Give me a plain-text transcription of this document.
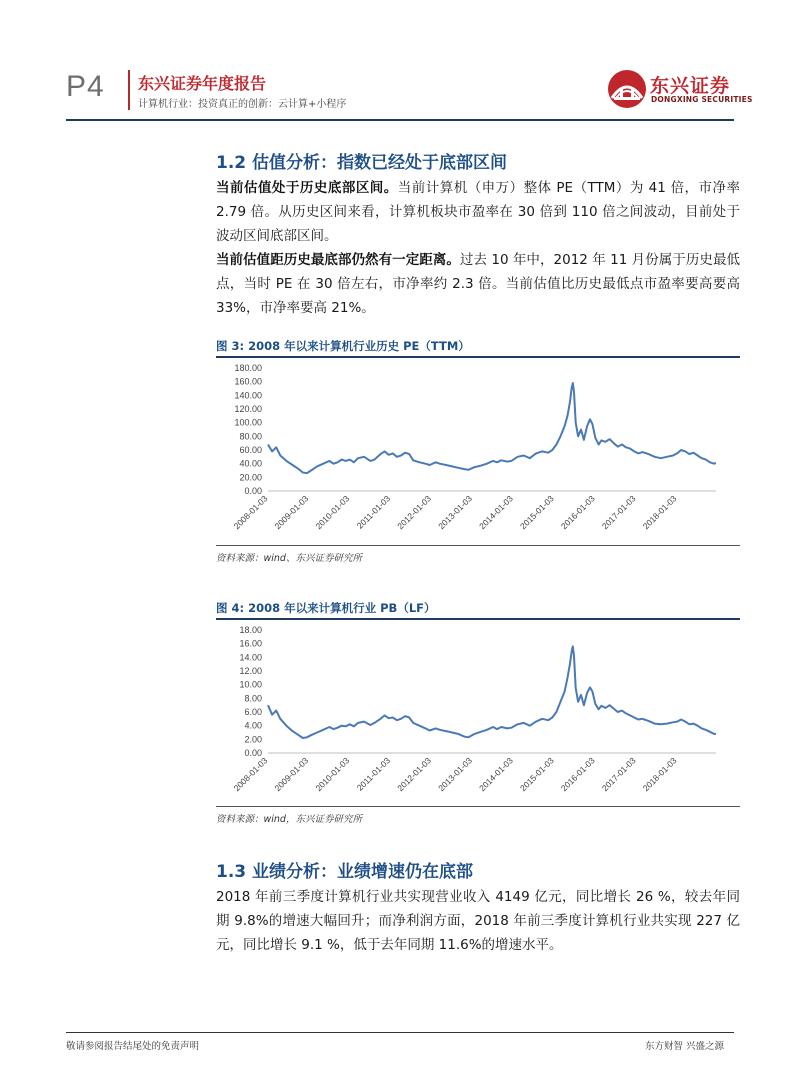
P4 东兴证券年度报告
计算机行业：投资真正的创新：云计算+小程序
东兴证券
DONGXING SECURITIES
1.2 估值分析：指数已经处于底部区间
当前估值处于历史底部区间。当前计算机（申万）整体 PE（TTM）为 41 倍，市净率 2.79 倍。从历史区间来看，计算机板块市盈率在 30 倍到 110 倍之间波动，目前处于波动区间底部区间。
当前估值距历史最底部仍然有一定距离。过去 10 年中，2012 年 11 月份属于历史最低点，当时 PE 在 30 倍左右，市净率约 2.3 倍。当前估值比历史最低点市盈率要高要高 33%，市净率要高 21%。
图 3: 2008 年以来计算机行业历史 PE（TTM）
0.00
20.00
40.00
60.00
80.00
100.00
120.00
140.00
160.00
180.00
2008-01-03 2009-01-03 2010-01-03 2011-01-03 2012-01-03 2013-01-03 2014-01-03 2015-01-03 2016-01-03 2017-01-03 2018-01-03
资料来源：wind、东兴证券研究所
图 4: 2008 年以来计算机行业 PB（LF）
0.00
2.00
4.00
6.00
8.00
10.00
12.00
14.00
16.00
18.00
2008-01-03 2009-01-03 2010-01-03 2011-01-03 2012-01-03 2013-01-03 2014-01-03 2015-01-03 2016-01-03 2017-01-03 2018-01-03
资料来源：wind，东兴证券研究所
1.3 业绩分析：业绩增速仍在底部
2018 年前三季度计算机行业共实现营业收入 4149 亿元，同比增长 26 %，较去年同期 9.8%的增速大幅回升；而净利润方面，2018 年前三季度计算机行业共实现 227 亿元，同比增长 9.1 %，低于去年同期 11.6%的增速水平。
敬请参阅报告结尾处的免责声明	东方财智 兴盛之源
